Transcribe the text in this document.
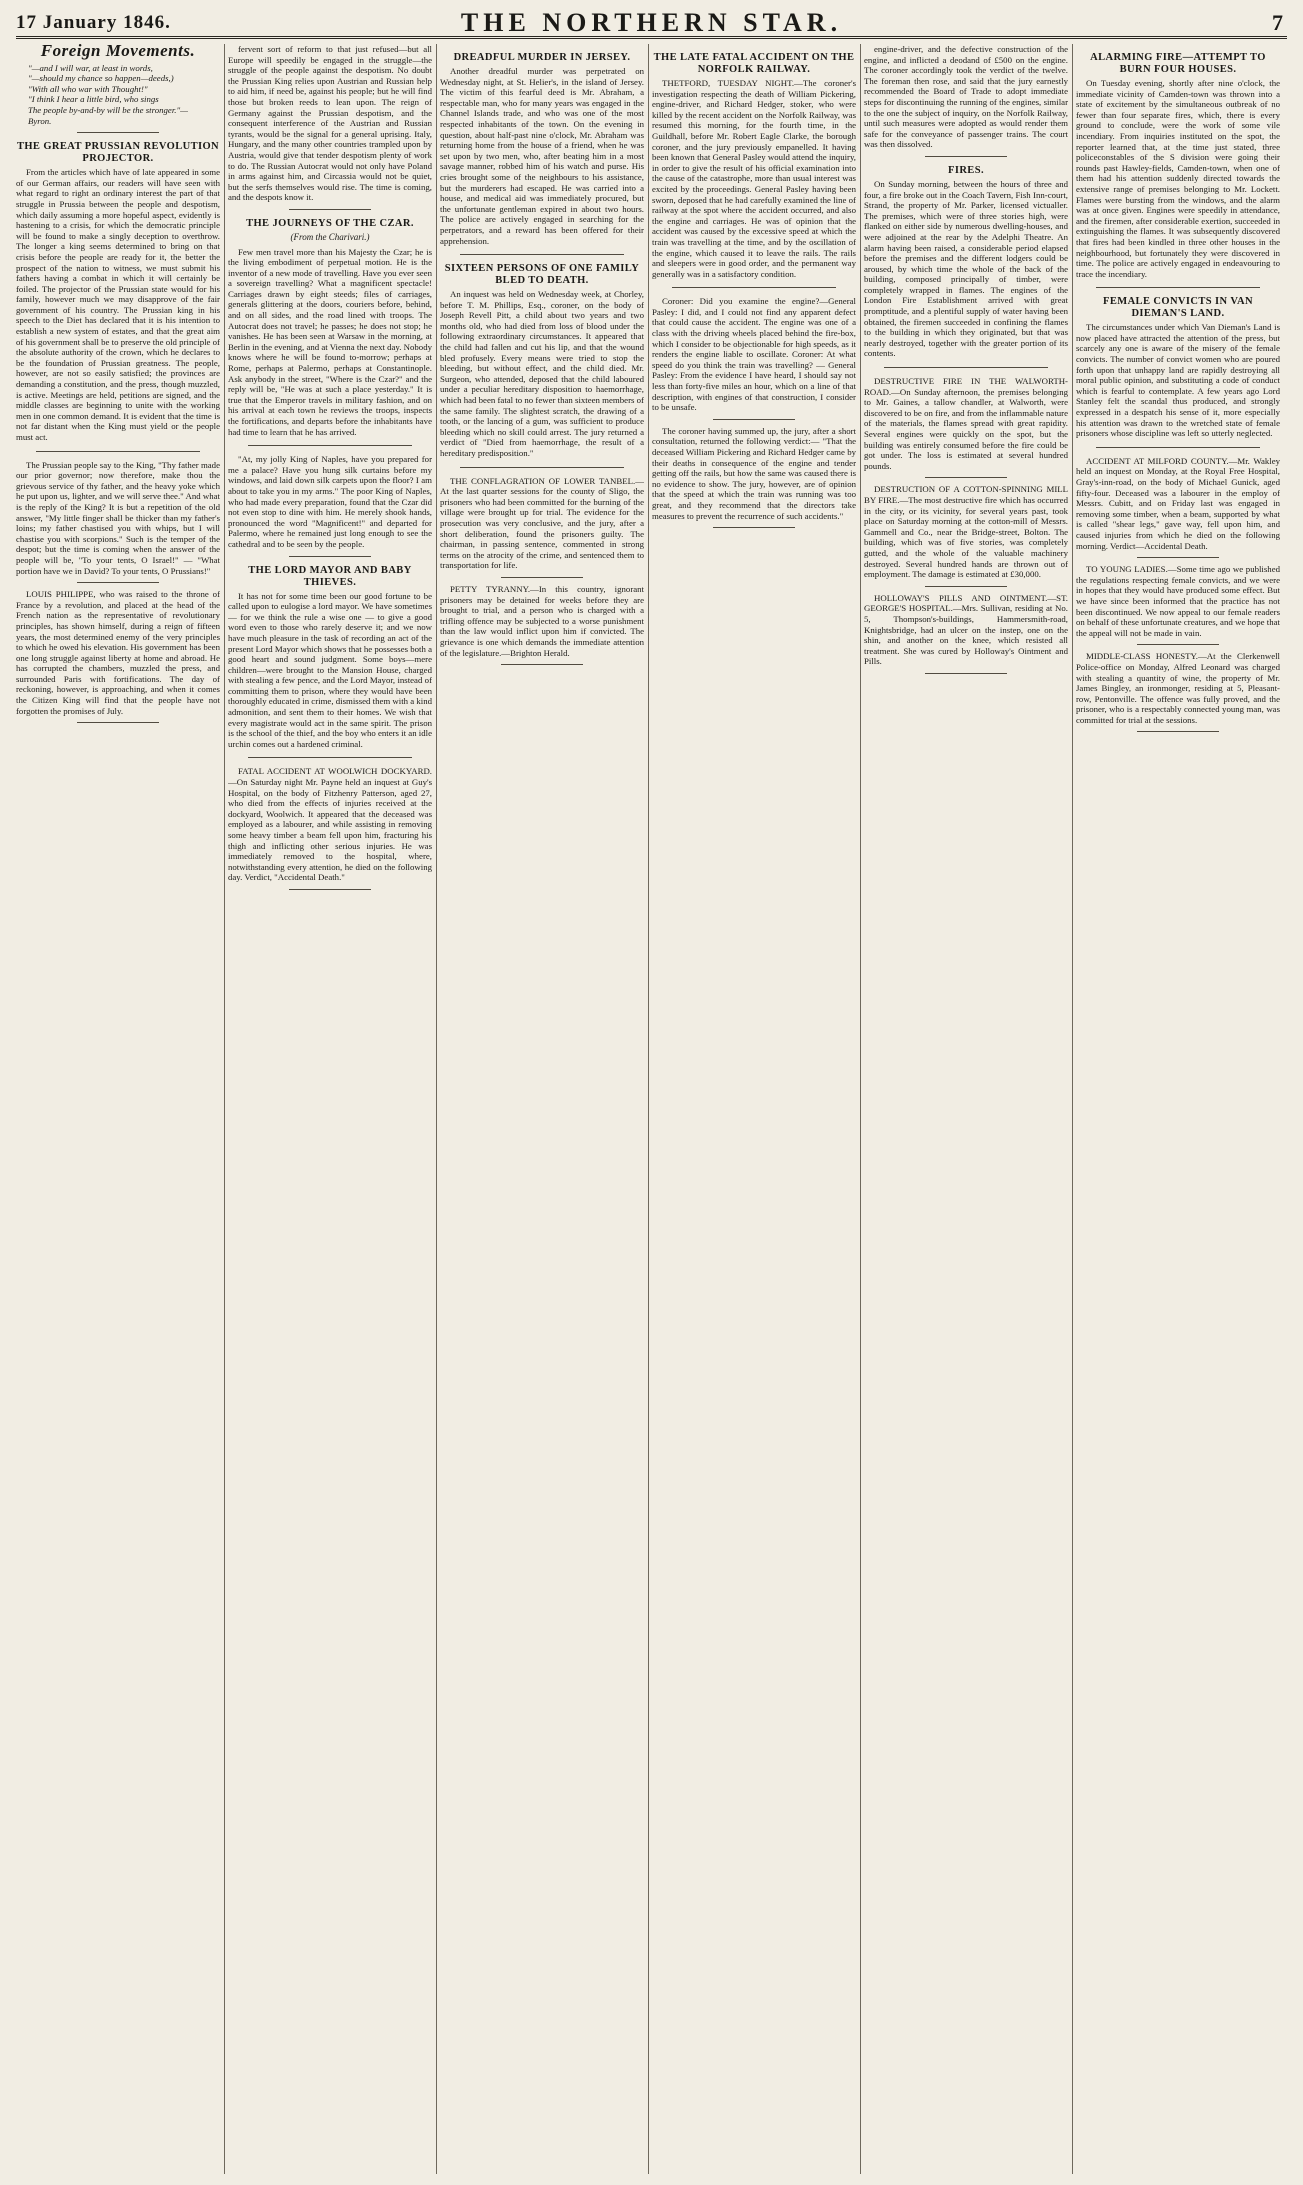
17 January 1846.	THE NORTHERN STAR.	7
Foreign Movements.
"—and I will war, at least in words,
"—should my chance so happen—deeds,)
"With all who war with Thought!"
"I think I hear a little bird, who sings
The people by-and-by will be the stronger."—Byron.
THE GREAT PRUSSIAN REVOLUTION PROJECTOR.

From the articles which have of late appeared in some of our German affairs, our readers will have seen with what regard to right an ordinary interest the part of that struggle in Prussia between the people and despotism, which daily assuming a more hopeful aspect, evidently is hastening to a crisis, for which the democratic principle will be found to make a singly deception to overthrow. The longer a king seems determined to bring on that crisis before the people are ready for it, the better the prospect of the nation to witness, we must submit his fathers having a combat in which it will certainly be foiled. The projector of the Prussian state would for his family, however much we may disapprove of the fair government of his country. The Prussian king in his speech to the Diet has declared that it is his intention to establish a new system of estates, and that the great aim of his government shall be to preserve the old principle of the absolute authority of the crown, which he declares to be the foundation of Prussian greatness. The people, however, are not so easily satisfied; the provinces are demanding a constitution, and the press, though muzzled, is active. Meetings are held, petitions are signed, and the middle classes are beginning to unite with the working men in one common demand. It is evident that the time is not far distant when the King must yield or the people must act.

The Prussian people say to the King, "Thy father made our prior governor; now therefore, make thou the grievous service of thy father, and the heavy yoke which he put upon us, lighter, and we will serve thee." And what is the reply of the King? It is but a repetition of the old answer, "My little finger shall be thicker than my father's loins; my father chastised you with whips, but I will chastise you with scorpions." Such is the temper of the despot; but the time is coming when the answer of the people will be, "To your tents, O Israel!" — "What portion have we in David? To your tents, O Prussians!"

LOUIS PHILIPPE, who was raised to the throne of France by a revolution, and placed at the head of the French nation as the representative of revolutionary principles, has shown himself, during a reign of fifteen years, the most determined enemy of the very principles to which he owed his elevation. His government has been one long struggle against liberty at home and abroad. He has corrupted the chambers, muzzled the press, and surrounded Paris with fortifications. The day of reckoning, however, is approaching, and when it comes the Citizen King will find that the people have not forgotten the promises of July.

fervent sort of reform to that just refused—but all Europe will speedily be engaged in the struggle—the struggle of the people against the despotism. No doubt the Prussian King relies upon Austrian and Russian help to aid him, if need be, against his people; but he will find those but broken reeds to lean upon. The reign of Germany against the Prussian despotism, and the consequent interference of the Austrian and Russian tyrants, would be the signal for a general uprising. Italy, Hungary, and the many other countries trampled upon by Austria, would give that tender despotism plenty of work to do. The Russian Autocrat would not only have Poland in arms against him, and Circassia would not be quiet, but the serfs themselves would rise. The time is coming, and the despots know it.

THE JOURNEYS OF THE CZAR.
(From the Charivari.)

Few men travel more than his Majesty the Czar; he is the living embodiment of perpetual motion. He is the inventor of a new mode of travelling. Have you ever seen a sovereign travelling? What a magnificent spectacle! Carriages drawn by eight steeds; files of carriages, generals glittering at the doors, couriers before, behind, and on all sides, and the road lined with troops. The Autocrat does not travel; he passes; he does not stop; he vanishes. He has been seen at Warsaw in the morning, at Berlin in the evening, and at Vienna the next day. Nobody knows where he will be found to-morrow; perhaps at Rome, perhaps at Palermo, perhaps at Constantinople. Ask anybody in the street, "Where is the Czar?" and the reply will be, "He was at such a place yesterday." It is true that the Emperor travels in military fashion, and on his arrival at each town he reviews the troops, inspects the fortifications, and departs before the inhabitants have had time to learn that he has arrived.

"At, my jolly King of Naples, have you prepared for me a palace? Have you hung silk curtains before my windows, and laid down silk carpets upon the floor? I am about to take you in my arms." The poor King of Naples, who had made every preparation, found that the Czar did not even stop to dine with him. He merely shook hands, pronounced the word "Magnificent!" and departed for Palermo, where he remained just long enough to see the cathedral and to be seen by the people.

THE LORD MAYOR AND BABY THIEVES.

It has not for some time been our good fortune to be called upon to eulogise a lord mayor. We have sometimes — for we think the rule a wise one — to give a good word even to those who rarely deserve it; and we now have much pleasure in the task of recording an act of the present Lord Mayor which shows that he possesses both a good heart and sound judgment. Some boys—mere children—were brought to the Mansion House, charged with stealing a few pence, and the Lord Mayor, instead of committing them to prison, where they would have been thoroughly educated in crime, dismissed them with a kind admonition, and sent them to their homes. We wish that every magistrate would act in the same spirit. The prison is the school of the thief, and the boy who enters it an idle urchin comes out a hardened criminal.

FATAL ACCIDENT AT WOOLWICH DOCKYARD.—On Saturday night Mr. Payne held an inquest at Guy's Hospital, on the body of Fitzhenry Patterson, aged 27, who died from the effects of injuries received at the dockyard, Woolwich. It appeared that the deceased was employed as a labourer, and while assisting in removing some heavy timber a beam fell upon him, fracturing his thigh and inflicting other serious injuries. He was immediately removed to the hospital, where, notwithstanding every attention, he died on the following day. Verdict, "Accidental Death."

DREADFUL MURDER IN JERSEY.

Another dreadful murder was perpetrated on Wednesday night, at St. Helier's, in the island of Jersey. The victim of this fearful deed is Mr. Abraham, a respectable man, who for many years was engaged in the Channel Islands trade, and who was one of the most respected inhabitants of the town. On the evening in question, about half-past nine o'clock, Mr. Abraham was returning home from the house of a friend, when he was set upon by two men, who, after beating him in a most savage manner, robbed him of his watch and purse. His cries brought some of the neighbours to his assistance, but the murderers had escaped. He was carried into a house, and medical aid was immediately procured, but the unfortunate gentleman expired in about two hours. The police are actively engaged in searching for the perpetrators, and a reward has been offered for their apprehension.

SIXTEEN PERSONS OF ONE FAMILY BLED TO DEATH.

An inquest was held on Wednesday week, at Chorley, before T. M. Phillips, Esq., coroner, on the body of Joseph Revell Pitt, a child about two years and two months old, who had died from loss of blood under the following extraordinary circumstances. It appeared that the child had fallen and cut his lip, and that the wound bled profusely. Every means were tried to stop the bleeding, but without effect, and the child died. Mr. Surgeon, who attended, deposed that the child laboured under a peculiar hereditary disposition to haemorrhage, which had been fatal to no fewer than sixteen members of the same family. The slightest scratch, the drawing of a tooth, or the lancing of a gum, was sufficient to produce bleeding which no skill could arrest. The jury returned a verdict of "Died from haemorrhage, the result of a hereditary predisposition."

THE CONFLAGRATION OF LOWER TANBEL.—At the last quarter sessions for the county of Sligo, the prisoners who had been committed for the burning of the village were brought up for trial. The evidence for the prosecution was very conclusive, and the jury, after a short deliberation, found the prisoners guilty. The chairman, in passing sentence, commented in strong terms on the atrocity of the crime, and sentenced them to transportation for life.

PETTY TYRANNY.—In this country, ignorant prisoners may be detained for weeks before they are brought to trial, and a person who is charged with a trifling offence may be subjected to a worse punishment than the law would inflict upon him if convicted. The grievance is one which demands the immediate attention of the legislature.—Brighton Herald.

THE LATE FATAL ACCIDENT ON THE NORFOLK RAILWAY.

THETFORD, TUESDAY NIGHT.—The coroner's investigation respecting the death of William Pickering, engine-driver, and Richard Hedger, stoker, who were killed by the recent accident on the Norfolk Railway, was resumed this morning, for the fourth time, in the Guildhall, before Mr. Robert Eagle Clarke, the borough coroner, and the jury previously empanelled. It having been known that General Pasley would attend the inquiry, in order to give the result of his official examination into the cause of the catastrophe, more than usual interest was excited by the proceedings. General Pasley having been sworn, deposed that he had carefully examined the line of railway at the spot where the accident occurred, and also the engine and carriages. He was of opinion that the accident was caused by the excessive speed at which the train was travelling at the time, and by the oscillation of the engine, which caused it to leave the rails. The rails and sleepers were in good order, and the permanent way generally was in a satisfactory condition.

Coroner: Did you examine the engine?—General Pasley: I did, and I could not find any apparent defect that could cause the accident. The engine was one of a class with the driving wheels placed behind the fire-box, which I consider to be objectionable for high speeds, as it renders the engine liable to oscillate. Coroner: At what speed do you think the train was travelling? — General Pasley: From the evidence I have heard, I should say not less than forty-five miles an hour, which on a line of that description, with engines of that construction, I consider to be unsafe.

The coroner having summed up, the jury, after a short consultation, returned the following verdict:— "That the deceased William Pickering and Richard Hedger came by their deaths in consequence of the engine and tender getting off the rails, but how the same was caused there is no evidence to show. The jury, however, are of opinion that the speed at which the train was running was too great, and they recommend that the directors take measures to prevent the recurrence of such accidents."

engine-driver, and the defective construction of the engine, and inflicted a deodand of £500 on the engine. The coroner accordingly took the verdict of the twelve. The foreman then rose, and said that the jury earnestly recommended the Board of Trade to adopt immediate steps for discontinuing the running of the engines, similar to the one the subject of inquiry, on the Norfolk Railway, until such measures were adopted as would render them safe for the conveyance of passenger trains. The court was then dissolved.

FIRES.

On Sunday morning, between the hours of three and four, a fire broke out in the Coach Tavern, Fish Inn-court, Strand, the property of Mr. Parker, licensed victualler. The premises, which were of three stories high, were flanked on either side by numerous dwelling-houses, and were adjoined at the rear by the Adelphi Theatre. An alarm having been raised, a considerable period elapsed before the premises and the different lodgers could be aroused, by which time the whole of the back of the building, composed principally of timber, were completely wrapped in flames. The engines of the London Fire Establishment arrived with great promptitude, and a plentiful supply of water having been obtained, the firemen succeeded in confining the flames to the building in which they originated, but that was nearly destroyed, together with the greater portion of its contents.

DESTRUCTIVE FIRE IN THE WALWORTH-ROAD.—On Sunday afternoon, the premises belonging to Mr. Gaines, a tallow chandler, at Walworth, were discovered to be on fire, and from the inflammable nature of the materials, the flames spread with great rapidity. Several engines were quickly on the spot, but the building was entirely consumed before the fire could be got under. The loss is estimated at several hundred pounds.

DESTRUCTION OF A COTTON-SPINNING MILL BY FIRE.—The most destructive fire which has occurred in the city, or its vicinity, for several years past, took place on Saturday morning at the cotton-mill of Messrs. Gammell and Co., near the Bridge-street, Bolton. The building, which was of five stories, was completely gutted, and the whole of the valuable machinery destroyed. Several hundred hands are thrown out of employment. The damage is estimated at £30,000.

HOLLOWAY'S PILLS AND OINTMENT.—ST. GEORGE'S HOSPITAL.—Mrs. Sullivan, residing at No. 5, Thompson's-buildings, Hammersmith-road, Knightsbridge, had an ulcer on the instep, one on the shin, and another on the knee, which resisted all treatment. She was cured by Holloway's Ointment and Pills.

ALARMING FIRE—ATTEMPT TO BURN FOUR HOUSES.

On Tuesday evening, shortly after nine o'clock, the immediate vicinity of Camden-town was thrown into a state of excitement by the simultaneous outbreak of no fewer than four separate fires, which, there is every ground to conclude, were the work of some vile incendiary. From inquiries instituted on the spot, the reporter learned that, at the time just stated, three policeconstables of the S division were going their rounds past Hawley-fields, Camden-town, when one of them had his attention suddenly directed towards the extensive range of premises belonging to Mr. Lockett. Flames were bursting from the windows, and the alarm was at once given. Engines were speedily in attendance, and the firemen, after considerable exertion, succeeded in extinguishing the flames. It was subsequently discovered that fires had been kindled in three other houses in the neighbourhood, but fortunately they were discovered in time. The police are actively engaged in endeavouring to trace the incendiary.

FEMALE CONVICTS IN VAN DIEMAN'S LAND.

The circumstances under which Van Dieman's Land is now placed have attracted the attention of the press, but scarcely any one is aware of the misery of the female convicts. The number of convict women who are poured forth upon that unhappy land are rapidly destroying all moral public opinion, and substituting a code of conduct which is fearful to contemplate. A few years ago Lord Stanley felt the scandal thus produced, and strongly expressed in a despatch his sense of it, more especially his attention was drawn to the wretched state of female prisoners whose discipline was left so utterly neglected.

ACCIDENT AT MILFORD COUNTY.—Mr. Wakley held an inquest on Monday, at the Royal Free Hospital, Gray's-inn-road, on the body of Michael Gunick, aged fifty-four. Deceased was a labourer in the employ of Messrs. Cubitt, and on Friday last was engaged in removing some timber, when a beam, supported by what is called "shear legs," gave way, fell upon him, and caused injuries from which he died on the following morning. Verdict—Accidental Death.

TO YOUNG LADIES.—Some time ago we published the regulations respecting female convicts, and we were in hopes that they would have produced some effect. But we have since been informed that the practice has not been discontinued. We now appeal to our female readers on behalf of these unfortunate creatures, and we hope that the appeal will not be made in vain.

MIDDLE-CLASS HONESTY.—At the Clerkenwell Police-office on Monday, Alfred Leonard was charged with stealing a quantity of wine, the property of Mr. James Bingley, an ironmonger, residing at 5, Pleasant-row, Pentonville. The offence was fully proved, and the prisoner, who is a respectably connected young man, was committed for trial at the sessions.
